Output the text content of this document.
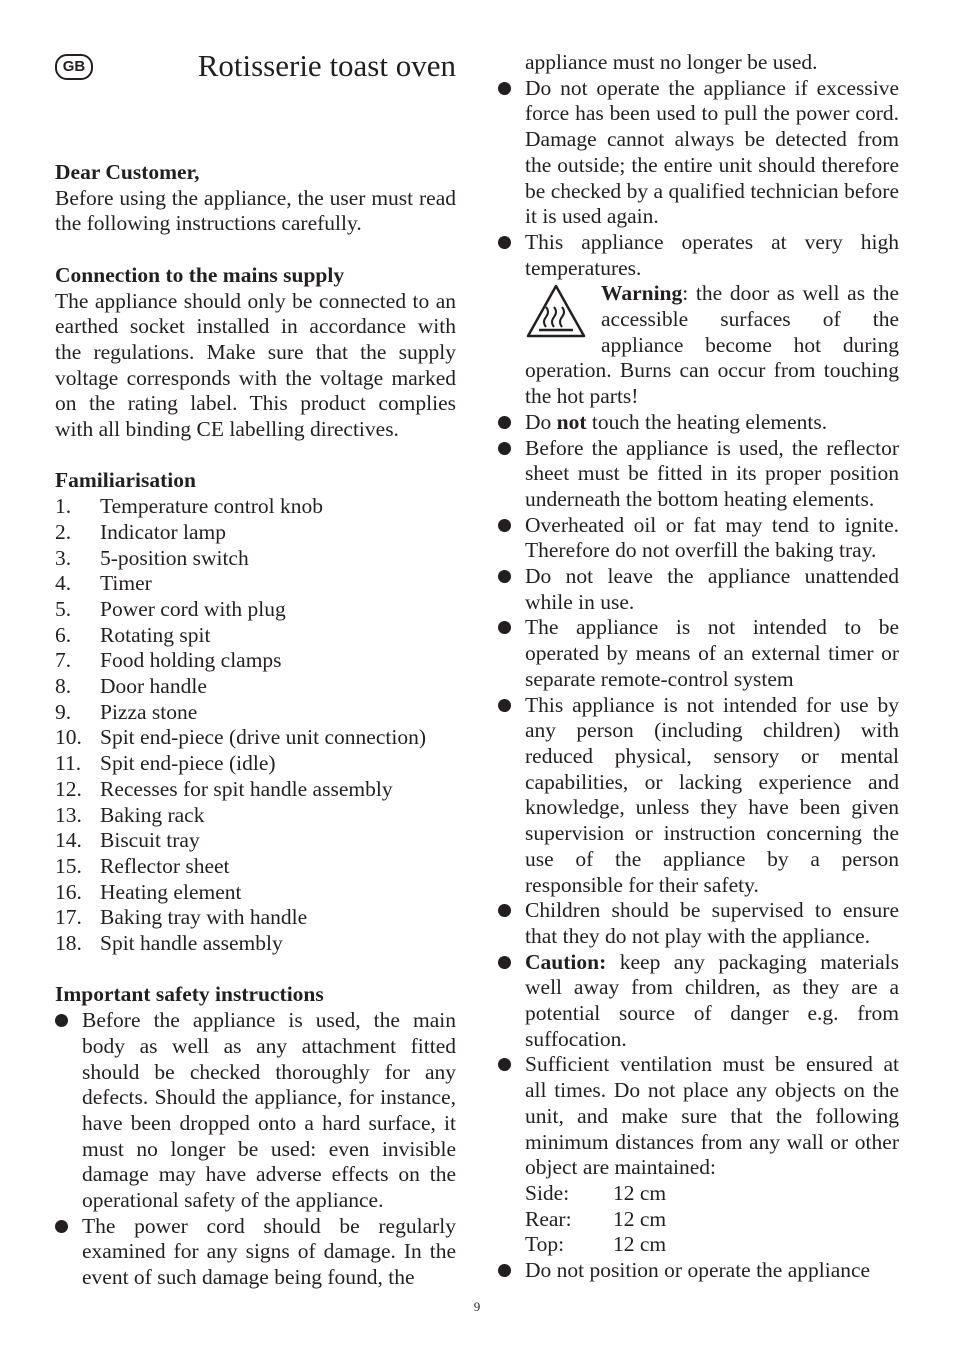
GB	Rotisserie toast oven

Dear Customer,

Before using the appliance, the user must read the following instructions carefully.

Connection to the mains supply

The appliance should only be connected to an earthed socket installed in accordance with the regulations. Make sure that the supply voltage corresponds with the voltage marked on the rating label. This product complies with all binding CE labelling directives.

Familiarisation

1.	Temperature control knob
2.	Indicator lamp
3.	5-position switch
4.	Timer
5.	Power cord with plug
6.	Rotating spit
7.	Food holding clamps
8.	Door handle
9.	Pizza stone
10. Spit end-piece (drive unit connection)
11. Spit end-piece (idle)
12. Recesses for spit handle assembly
13. Baking rack
14. Biscuit tray
15. Reflector sheet
16. Heating element
17. Baking tray with handle
18. Spit handle assembly

Important safety instructions

Before the appliance is used, the main body as well as any attachment fitted should be checked thoroughly for any defects. Should the appliance, for instance, have been dropped onto a hard surface, it must no longer be used: even invisible damage may have adverse effects on the operational safety of the appliance.
The power cord should be regularly examined for any signs of damage. In the event of such damage being found, the

appliance must no longer be used.

Do not operate the appliance if excessive force has been used to pull the power cord. Damage cannot always be detected from the outside; the entire unit should therefore be checked by a qualified technician before it is used again.
This appliance operates at very high temperatures.
Warning: the door as well as the accessible surfaces of the appliance become hot during operation. Burns can occur from touching the hot parts!
Do not touch the heating elements.
Before the appliance is used, the reflector sheet must be fitted in its proper position underneath the bottom heating elements.
Overheated oil or fat may tend to ignite. Therefore do not overfill the baking tray.
Do not leave the appliance unattended while in use.
The appliance is not intended to be operated by means of an external timer or separate remote-control system
This appliance is not intended for use by any person (including children) with reduced physical, sensory or mental capabilities, or lacking experience and knowledge, unless they have been given supervision or instruction concerning the use of the appliance by a person responsible for their safety.
Children should be supervised to ensure that they do not play with the appliance.
Caution: keep any packaging materials well away from children, as they are a potential source of danger e.g. from suffocation.
Sufficient ventilation must be ensured at all times. Do not place any objects on the unit, and make sure that the following minimum distances from any wall or other object are maintained:
Side:	12 cm
Rear:	12 cm
Top:	12 cm
Do not position or operate the appliance
9
